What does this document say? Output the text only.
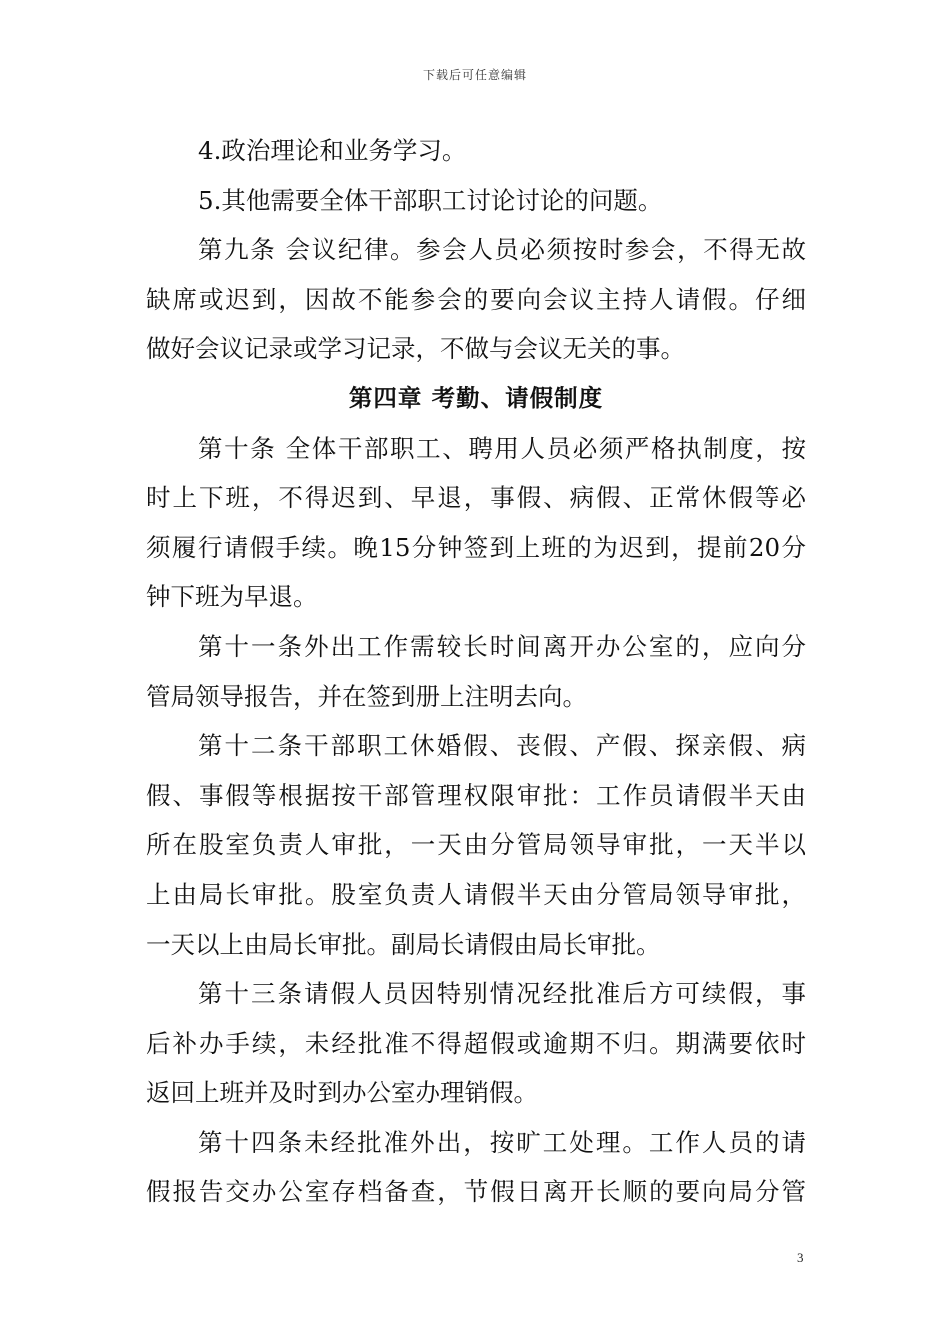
下载后可任意编辑
4.政治理论和业务学习。
5.其他需要全体干部职工讨论讨论的问题。
第九条 会议纪律。参会人员必须按时参会，不得无故
缺席或迟到，因故不能参会的要向会议主持人请假。仔细
做好会议记录或学习记录，不做与会议无关的事。
第四章 考勤、请假制度
第十条 全体干部职工、聘用人员必须严格执制度，按
时上下班，不得迟到、早退，事假、病假、正常休假等必
须履行请假手续。晚15分钟签到上班的为迟到，提前20分
钟下班为早退。
第十一条外出工作需较长时间离开办公室的，应向分
管局领导报告，并在签到册上注明去向。
第十二条干部职工休婚假、丧假、产假、探亲假、病
假、事假等根据按干部管理权限审批：工作员请假半天由
所在股室负责人审批，一天由分管局领导审批，一天半以
上由局长审批。股室负责人请假半天由分管局领导审批，
一天以上由局长审批。副局长请假由局长审批。
第十三条请假人员因特别情况经批准后方可续假，事
后补办手续，未经批准不得超假或逾期不归。期满要依时
返回上班并及时到办公室办理销假。
第十四条未经批准外出，按旷工处理。工作人员的请
假报告交办公室存档备查，节假日离开长顺的要向局分管
3
